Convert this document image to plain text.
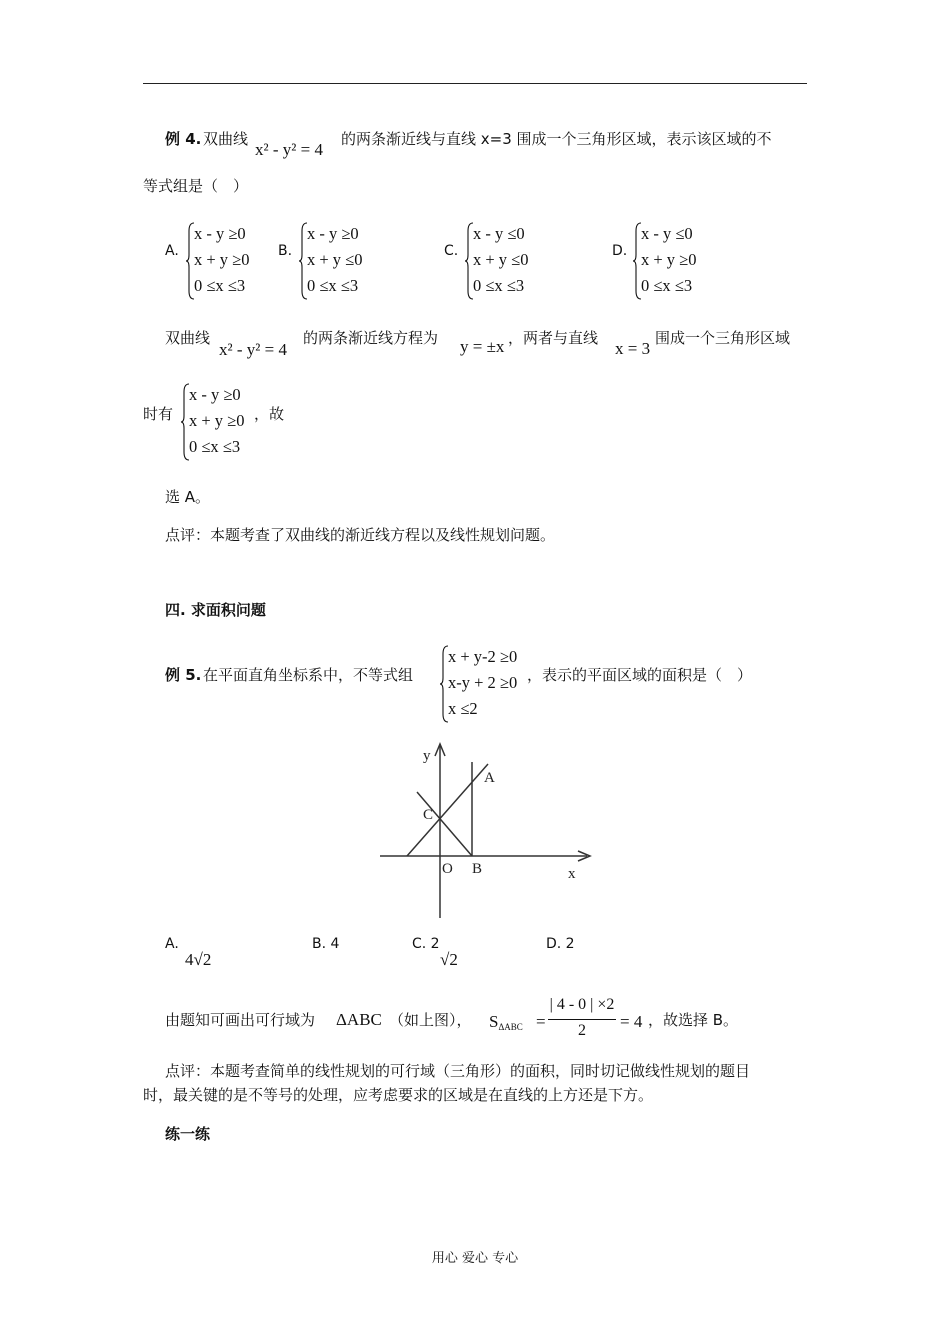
例 4. 双曲线
x² - y² = 4
的两条渐近线与直线 x=3 围成一个三角形区域，表示该区域的不
等式组是（　）
A.
x - y ≥0
x + y ≥0
0 ≤x ≤3
B.
x - y ≥0
x + y ≤0
0 ≤x ≤3
C.
x - y ≤0
x + y ≤0
0 ≤x ≤3
D.
x - y ≤0
x + y ≥0
0 ≤x ≤3
双曲线
x² - y² = 4
的两条渐近线方程为 y = ±x ，两者与直线
x = 3
围成一个三角形区域
时有
x - y ≥0
x + y ≥0
0 ≤x ≤3
，故
选 A。
点评：本题考查了双曲线的渐近线方程以及线性规划问题。
四. 求面积问题
例 5. 在平面直角坐标系中，不等式组
x + y-2 ≥0
x-y + 2 ≥0
x ≤2
，表示的平面区域的面积是（　）
y
x
A
B
C
O
A.
4√2
B. 4	C. 2
√2
D. 2
由题知可画出可行域为 ΔABC （如上图）， SΔABC =
| 4 - 0 | ×2
2	= 4 ，故选择 B。
点评：本题考查简单的线性规划的可行域（三角形）的面积，同时切记做线性规划的题目
时，最关键的是不等号的处理，应考虑要求的区域是在直线的上方还是下方。
练一练
用心 爱心 专心
